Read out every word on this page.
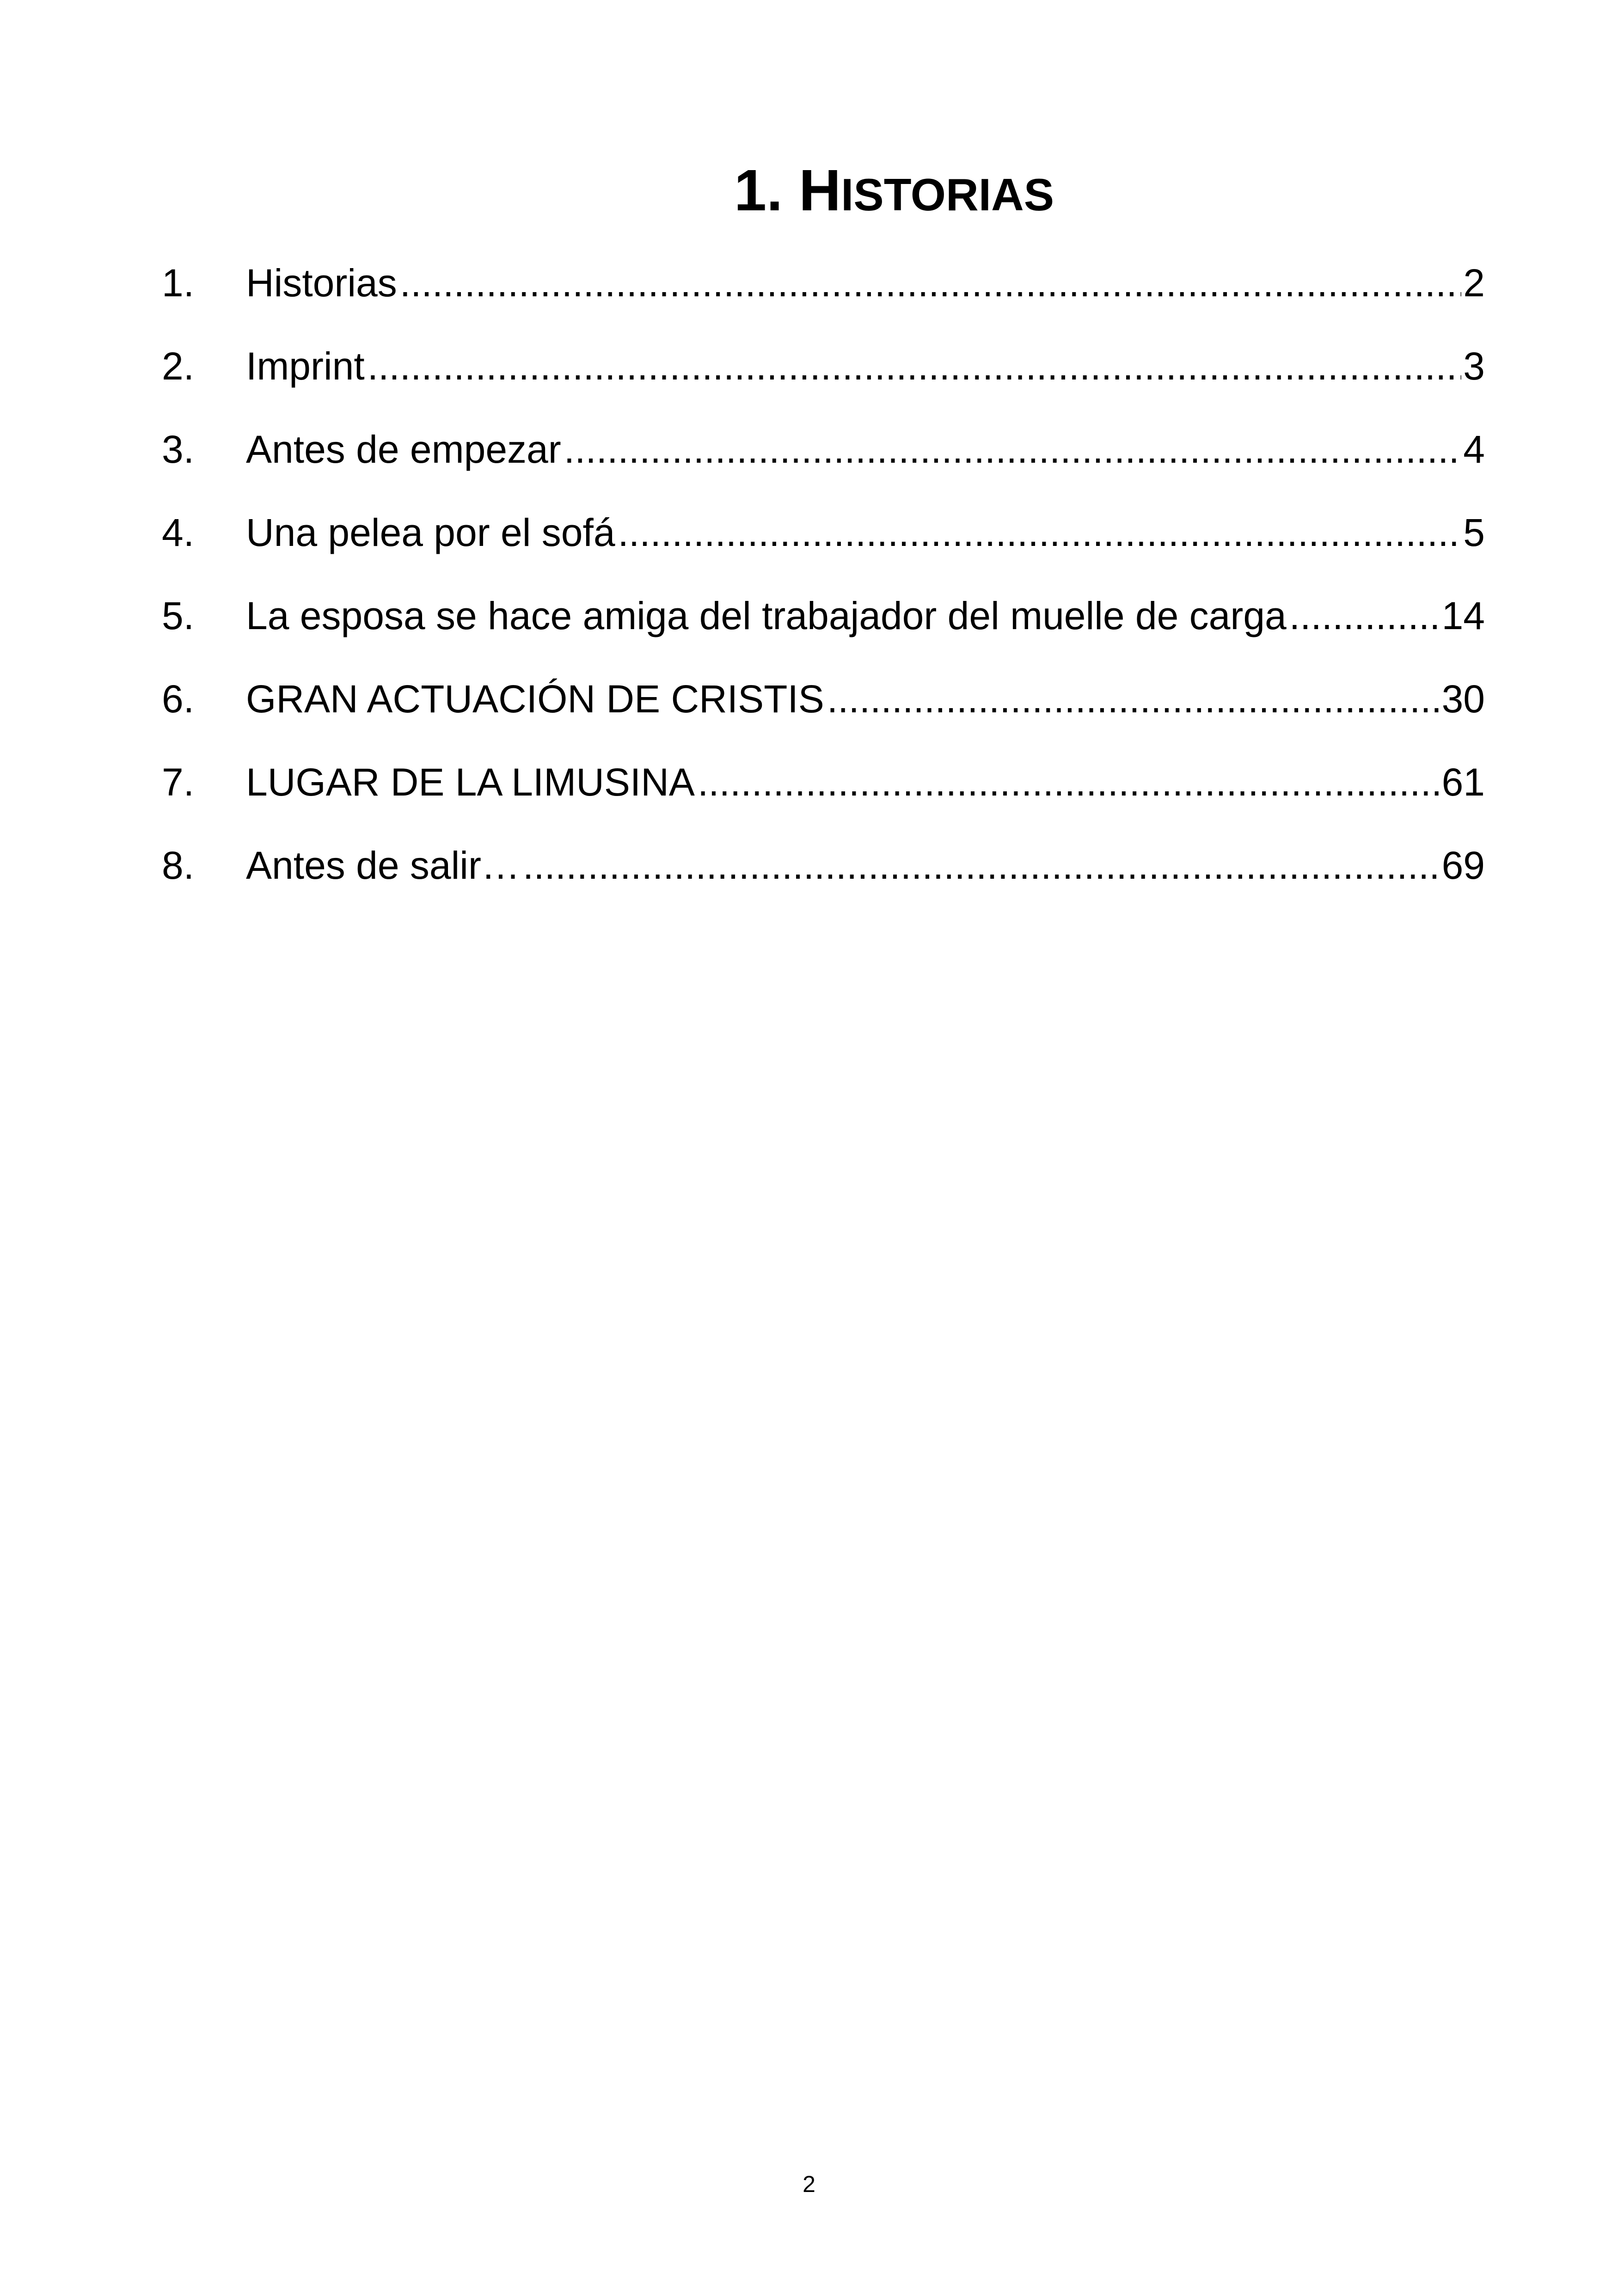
1. HISTORIAS
1.	Historias .....	2
2.	Imprint .....	3
3.	Antes de empezar .....	4
4.	Una pelea por el sofá .....	5
5.	La esposa se hace amiga del trabajador del muelle de carga .....	14
6.	GRAN ACTUACIÓN DE CRISTIS .....	30
7.	LUGAR DE LA LIMUSINA .....	61
8.	Antes de salir… .....	69
2
